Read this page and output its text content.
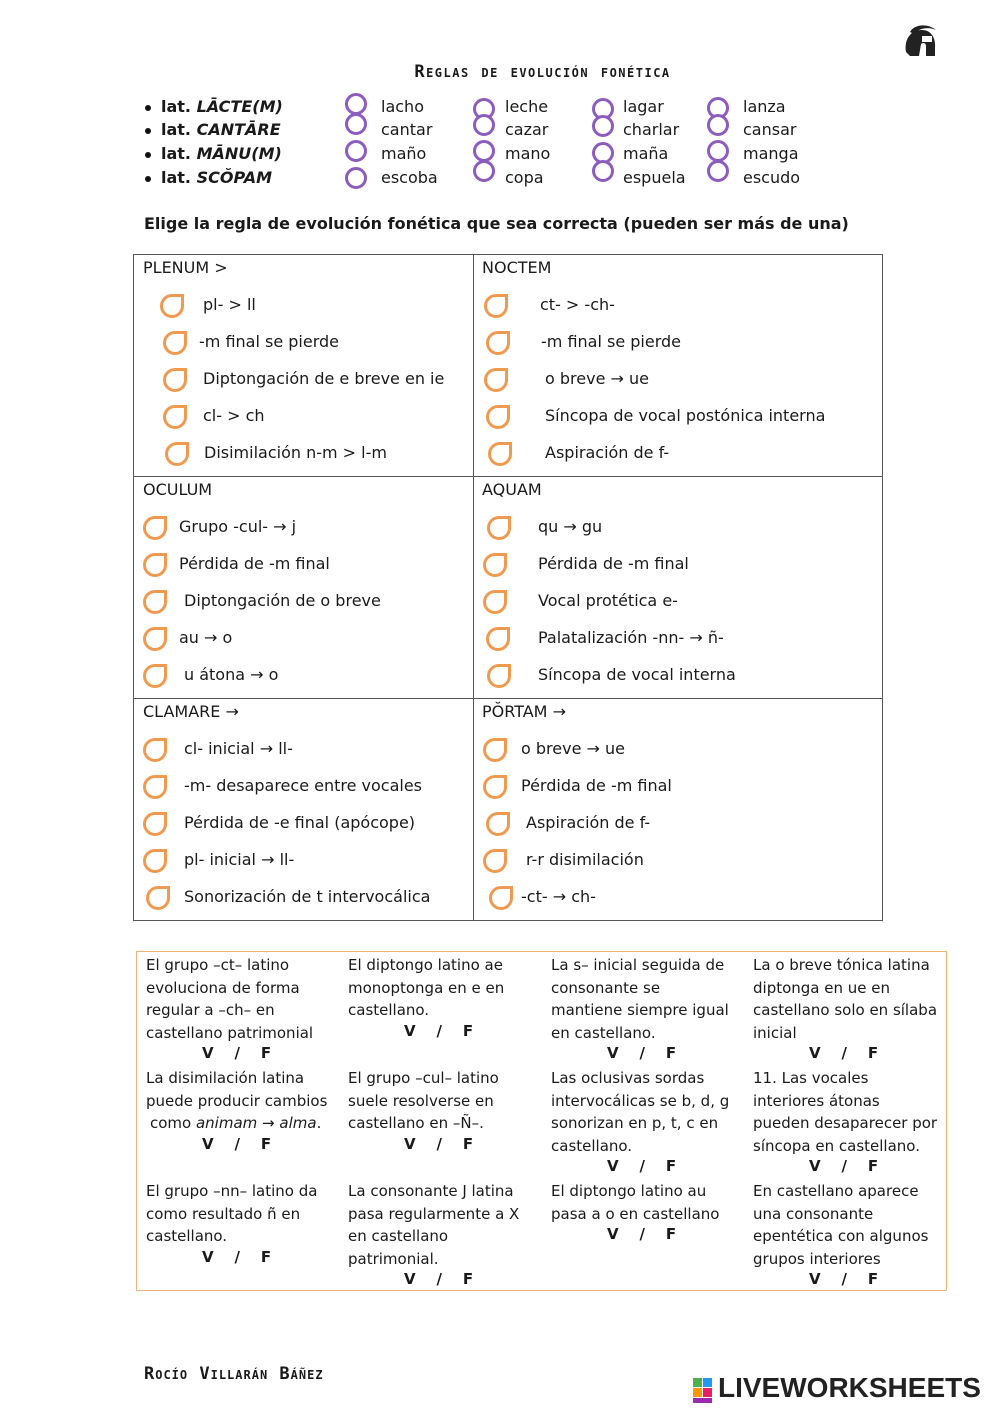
Reglas de evolución fonética
lat. LĀCTE(M)	lacho	leche	lagar	lanza
lat. CANTĀRE	cantar	cazar	charlar	cansar
lat. MĀNU(M)	maño	mano	maña	manga
lat. SCŎPAM	escoba	copa	espuela	escudo
Elige la regla de evolución fonética que sea correcta (pueden ser más de una)
PLENUM >
pl- > ll
-m final se pierde
Diptongación de e breve en ie
cl- > ch
Disimilación n-m > l-m
NOCTEM
ct- > -ch-
-m final se pierde
o breve → ue
Síncopa de vocal postónica interna
Aspiración de f-
OCULUM
Grupo -cul- → j
Pérdida de -m final
Diptongación de o breve
au → o
u átona → o
AQUAM
qu → gu
Pérdida de -m final
Vocal protética e-
Palatalización -nn- → ñ-
Síncopa de vocal interna
CLAMARE →
cl- inicial → ll-
-m- desaparece entre vocales
Pérdida de -e final (apócope)
pl- inicial → ll-
Sonorización de t intervocálica
PŎRTAM →
o breve → ue
Pérdida de -m final
Aspiración de f-
r-r disimilación
-ct- → ch-
El grupo –ct– latino
evoluciona de forma
regular a –ch– en
castellano patrimonial
V    /    F
El diptongo latino ae
monoptonga en e en
castellano.
V    /    F
La s– inicial seguida de
consonante se
mantiene siempre igual
en castellano.
V    /    F
La o breve tónica latina
diptonga en ue en
castellano solo en sílaba
inicial
V    /    F
La disimilación latina
puede producir cambios
como animam → alma.
V    /    F
El grupo –cul– latino
suele resolverse en
castellano en –Ñ–.
V    /    F
Las oclusivas sordas
intervocálicas se b, d, g
sonorizan en p, t, c en
castellano.
V    /    F
11. Las vocales
interiores átonas
pueden desaparecer por
síncopa en castellano.
V    /    F
El grupo –nn– latino da
como resultado ñ en
castellano.
V    /    F
La consonante J latina
pasa regularmente a X
en castellano
patrimonial.
V    /    F
El diptongo latino au
pasa a o en castellano
V    /    F
En castellano aparece
una consonante
epentética con algunos
grupos interiores
V    /    F
Rocío Villarán Báñez	LIVEWORKSHEETS
